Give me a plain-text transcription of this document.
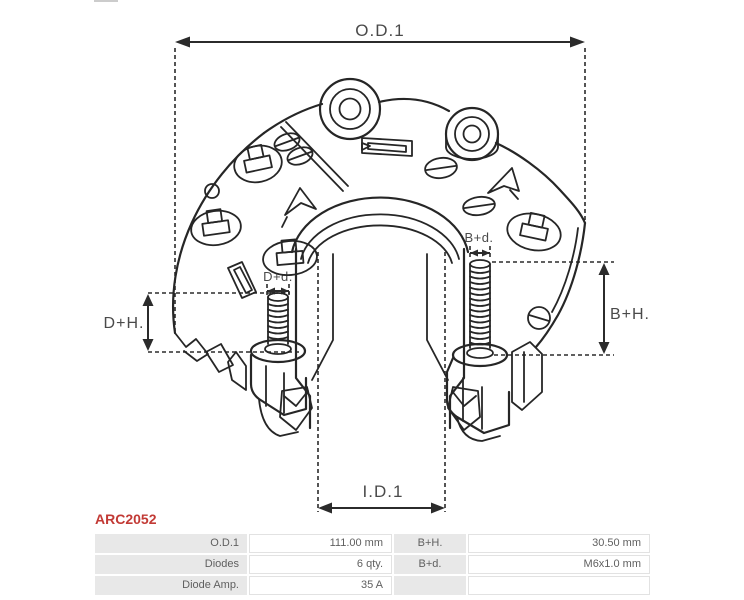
O.D.1
I.D.1
D+H.
B+H.
D+d.
B+d.
ARC2052
O.D.1	111.00 mm	B+H.	30.50 mm
Diodes	6 qty.	B+d.	M6x1.0 mm
Diode Amp.	35 A
